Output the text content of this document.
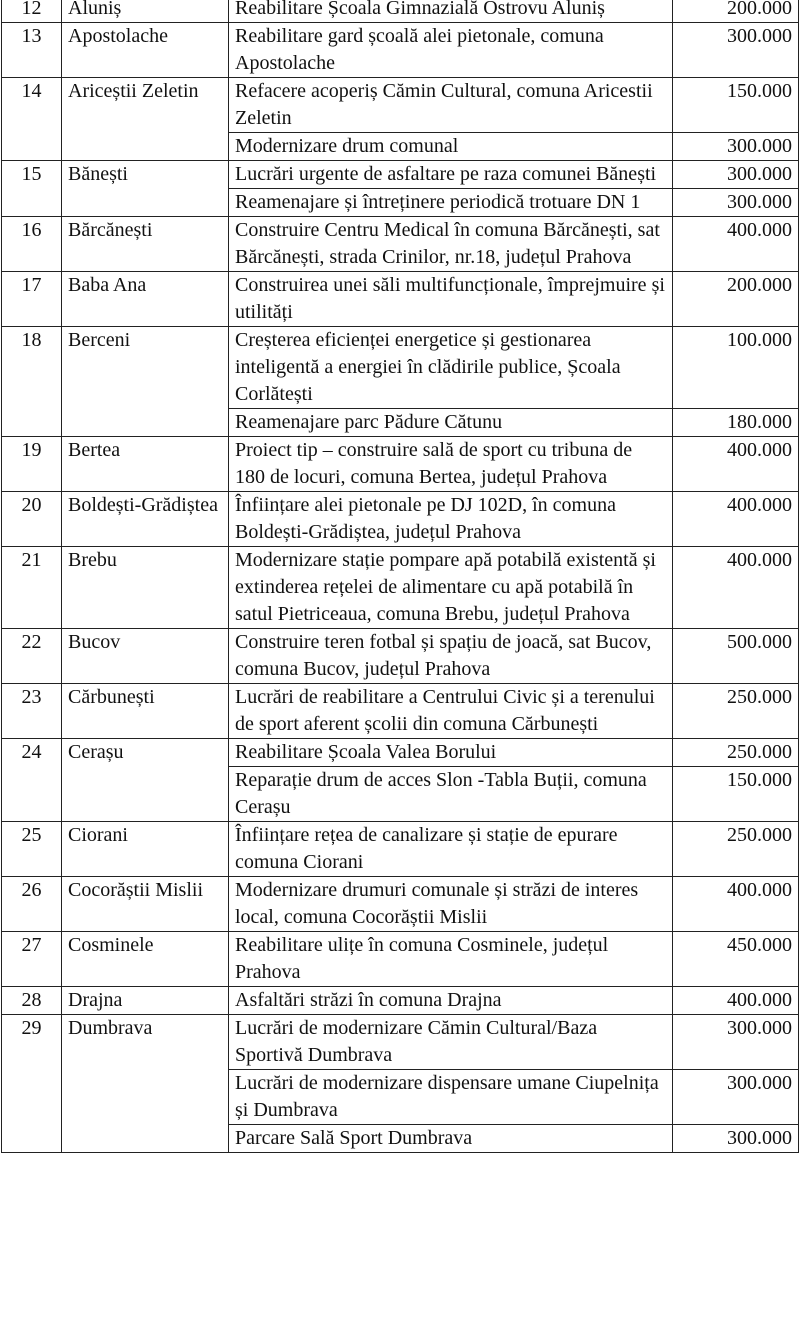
12	Aluniș	Reabilitare Școala Gimnazială Ostrovu Aluniș	200.000
13	Apostolache	Reabilitare gard școală alei pietonale, comuna Apostolache	300.000
14	Ariceștii Zeletin	Refacere acoperiș Cămin Cultural, comuna Aricestii Zeletin	150.000
		Modernizare drum comunal	300.000
15	Bănești	Lucrări urgente de asfaltare pe raza comunei Bănești	300.000
		Reamenajare și întreținere periodică trotuare DN 1	300.000
16	Bărcănești	Construire Centru Medical în comuna Bărcănești, sat Bărcănești, strada Crinilor, nr.18, județul Prahova	400.000
17	Baba Ana	Construirea unei săli multifuncționale, împrejmuire și utilități	200.000
18	Berceni	Creșterea eficienței energetice și gestionarea inteligentă a energiei în clădirile publice, Școala Corlătești	100.000
		Reamenajare parc Pădure Cătunu	180.000
19	Bertea	Proiect tip – construire sală de sport cu tribuna de 180 de locuri, comuna Bertea, județul Prahova	400.000
20	Boldești-Grădiștea	Înființare alei pietonale pe DJ 102D, în comuna Boldești-Grădiștea, județul Prahova	400.000
21	Brebu	Modernizare stație pompare apă potabilă existentă și extinderea rețelei de alimentare cu apă potabilă în satul Pietriceaua, comuna Brebu, județul Prahova	400.000
22	Bucov	Construire teren fotbal și spațiu de joacă, sat Bucov, comuna Bucov, județul Prahova	500.000
23	Cărbunești	Lucrări de reabilitare a Centrului Civic și a terenului de sport aferent școlii din comuna Cărbunești	250.000
24	Cerașu	Reabilitare Școala Valea Borului	250.000
		Reparație drum de acces Slon -Tabla Buții, comuna Cerașu	150.000
25	Ciorani	Înființare rețea de canalizare și stație de epurare comuna Ciorani	250.000
26	Cocorăștii Mislii	Modernizare drumuri comunale și străzi de interes local, comuna Cocorăștii Mislii	400.000
27	Cosminele	Reabilitare ulițe în comuna Cosminele, județul Prahova	450.000
28	Drajna	Asfaltări străzi în comuna Drajna	400.000
29	Dumbrava	Lucrări de modernizare Cămin Cultural/Baza Sportivă Dumbrava	300.000
		Lucrări de modernizare dispensare umane Ciupelnița și Dumbrava	300.000
		Parcare Sală Sport Dumbrava	300.000
